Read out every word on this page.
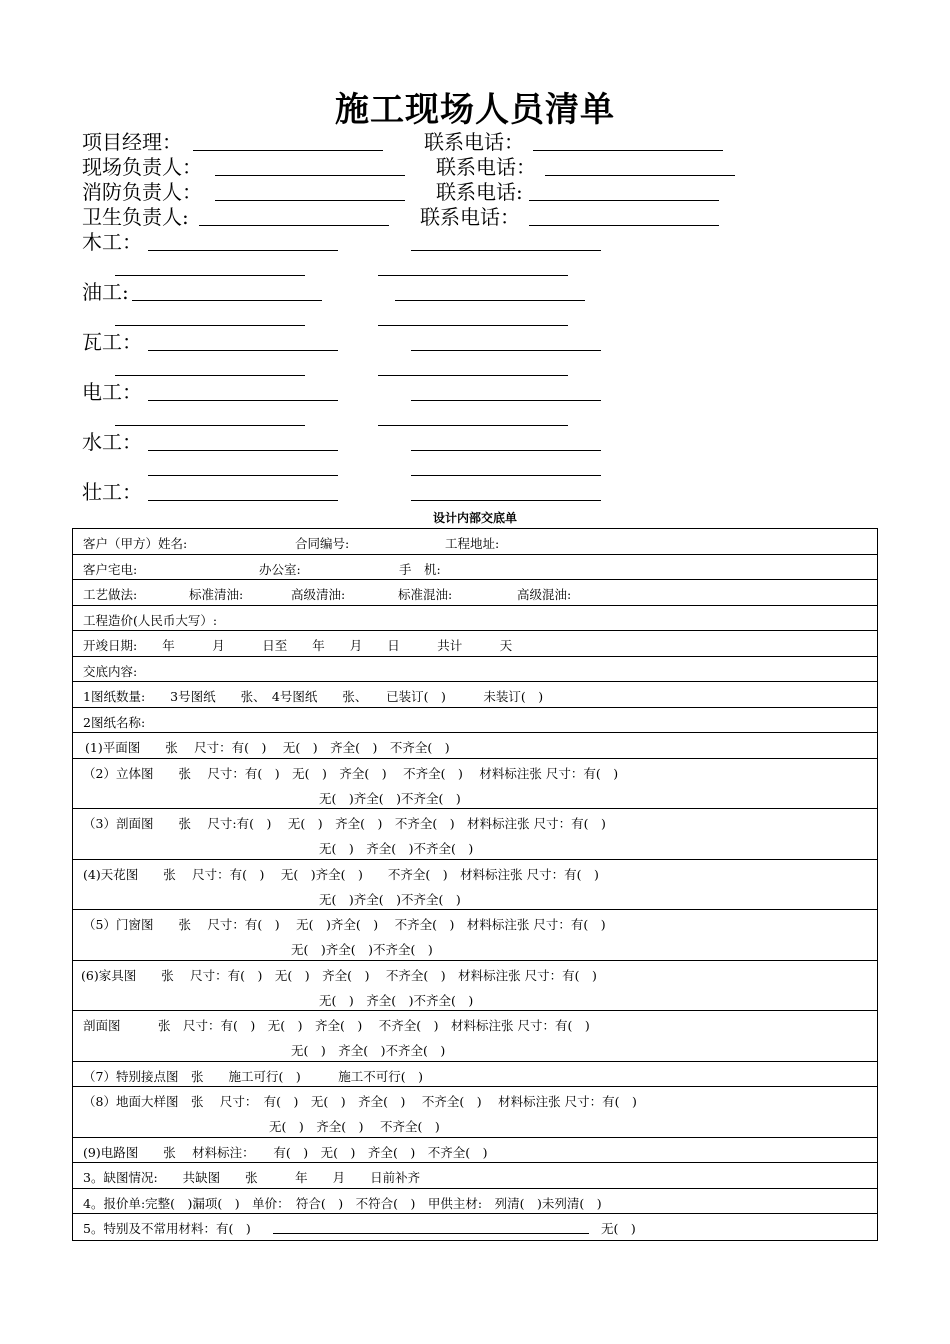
施工现场人员清单
项目经理：	联系电话：
现场负责人：	联系电话：
消防负责人：	联系电话:
卫生负责人:	联系电话：
木工：
油工:
瓦工：
电工：
水工：
壮工：
设计内部交底单
客户（甲方）姓名:	合同编号:	工程地址:
客户宅电:	办公室:	手　机:
工艺做法:	标准清油:	高级清油:	标准混油:	高级混油:
工程造价(人民币大写）:
开竣日期:　　年　　　月　　　日至　　年　　月　　日　　　共计　　　天
交底内容:
1图纸数量:　　3号图纸　　张、　4号图纸　　张、　　已装订(　)　　　未装订(　)
2图纸名称:
(1)平面图　　张　 尺寸：有(　)　 无(　)　齐全(　)　不齐全(　)
（2）立体图　　张　 尺寸：有(　)　无(　)　齐全(　)　 不齐全(　)　 材料标注张 尺寸：有(　)
无(　)齐全(　)不齐全(　)
（3）剖面图　　张　 尺寸:有(　)　 无(　)　齐全(　)　不齐全(　)　材料标注张 尺寸：有(　)
无(　)　齐全(　)不齐全(　)
(4)天花图　　张　 尺寸：有(　)　 无(　)齐全(　)　　不齐全(　)　材料标注张 尺寸：有(　)
无(　)齐全(　)不齐全(　)
（5）门窗图　　张　 尺寸：有(　)　 无(　)齐全(　)　 不齐全(　)　材料标注张 尺寸：有(　)
无(　)齐全(　)不齐全(　)
(6)家具图　　张　 尺寸：有(　)　无(　)　齐全(　)　 不齐全(　)　材料标注张 尺寸：有(　)
无(　)　齐全(　)不齐全(　)
剖面图　　　张　尺寸：有(　)　无(　)　齐全(　)　 不齐全(　)　材料标注张 尺寸：有(　)
无(　)　齐全(　)不齐全(　)
（7）特别接点图　张　　施工可行(　)　　　施工不可行(　)
（8）地面大样图　张　 尺寸：　有(　)　无(　)　齐全(　)　 不齐全(　)　 材料标注张 尺寸：有(　)
无(　)　齐全(　)　 不齐全(　)
(9)电路图　　张　 材料标注：　　有(　)　无(　)　齐全(　)　不齐全(　)
3。缺图情况:　　共缺图　　张　　　年　　月　　日前补齐
4。报价单:完整(　)漏项(　)　单价：　符合(　)　不符合(　)　甲供主材:　列清(　)未列清(　)
5。特别及不常用材料：有(　)	无(　)
